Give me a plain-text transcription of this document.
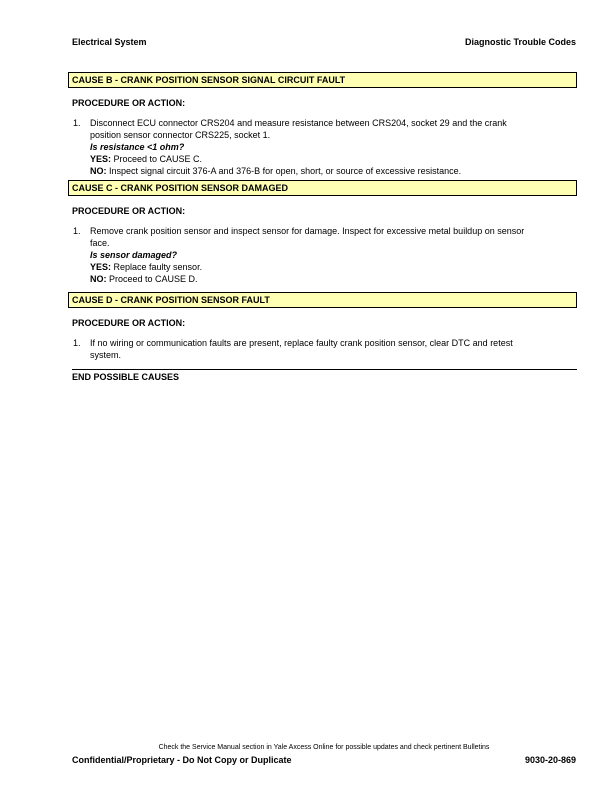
Electrical System	Diagnostic Trouble Codes
CAUSE B - CRANK POSITION SENSOR SIGNAL CIRCUIT FAULT
PROCEDURE OR ACTION:
1. Disconnect ECU connector CRS204 and measure resistance between CRS204, socket 29 and the crank
position sensor connector CRS225, socket 1.
Is resistance <1 ohm?
YES: Proceed to CAUSE C.
NO: Inspect signal circuit 376-A and 376-B for open, short, or source of excessive resistance.
CAUSE C - CRANK POSITION SENSOR DAMAGED
PROCEDURE OR ACTION:
1. Remove crank position sensor and inspect sensor for damage. Inspect for excessive metal buildup on sensor
face.
Is sensor damaged?
YES: Replace faulty sensor.
NO: Proceed to CAUSE D.
CAUSE D - CRANK POSITION SENSOR FAULT
PROCEDURE OR ACTION:
1. If no wiring or communication faults are present, replace faulty crank position sensor, clear DTC and retest
system.
END POSSIBLE CAUSES
Check the Service Manual section in Yale Axcess Online for possible updates and check pertinent Bulletins
Confidential/Proprietary - Do Not Copy or Duplicate	9030-20-869
